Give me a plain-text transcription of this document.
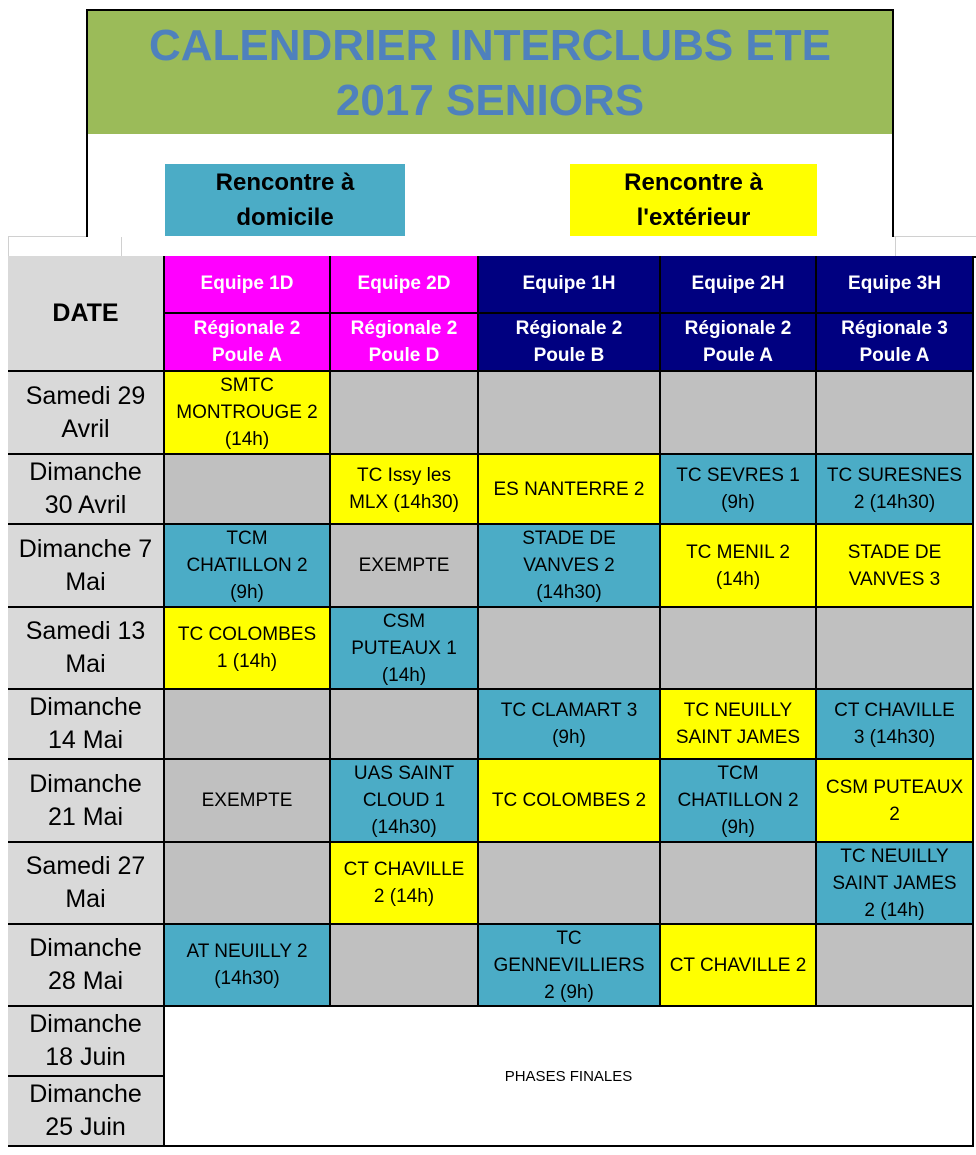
CALENDRIER INTERCLUBS ETE
2017 SENIORS
Rencontre à
domicile
Rencontre à
l'extérieur
DATE
Equipe 1D
Régionale 2
Poule A
Equipe 2D
Régionale 2
Poule D
Equipe 1H
Régionale 2
Poule B
Equipe 2H
Régionale 2
Poule A
Equipe 3H
Régionale 3
Poule A
Samedi 29
Avril
SMTC
MONTROUGE 2
(14h)
Dimanche
30 Avril
TC Issy les
MLX (14h30)
ES NANTERRE 2
TC SEVRES 1
(9h)
TC SURESNES
2 (14h30)
Dimanche 7
Mai
TCM
CHATILLON 2
(9h)
EXEMPTE
STADE DE
VANVES 2
(14h30)
TC MENIL 2
(14h)
STADE DE
VANVES 3
Samedi 13
Mai
TC COLOMBES
1 (14h)
CSM
PUTEAUX 1
(14h)
Dimanche
14 Mai
TC CLAMART 3
(9h)
TC NEUILLY
SAINT JAMES
CT CHAVILLE
3 (14h30)
Dimanche
21 Mai
EXEMPTE
UAS SAINT
CLOUD 1
(14h30)
TC COLOMBES 2
TCM
CHATILLON 2
(9h)
CSM PUTEAUX
2
Samedi 27
Mai
CT CHAVILLE
2 (14h)
TC NEUILLY
SAINT JAMES
2 (14h)
Dimanche
28 Mai
AT NEUILLY 2
(14h30)
TC
GENNEVILLIERS
2 (9h)
CT CHAVILLE 2
Dimanche
18 Juin
Dimanche
25 Juin
PHASES FINALES
